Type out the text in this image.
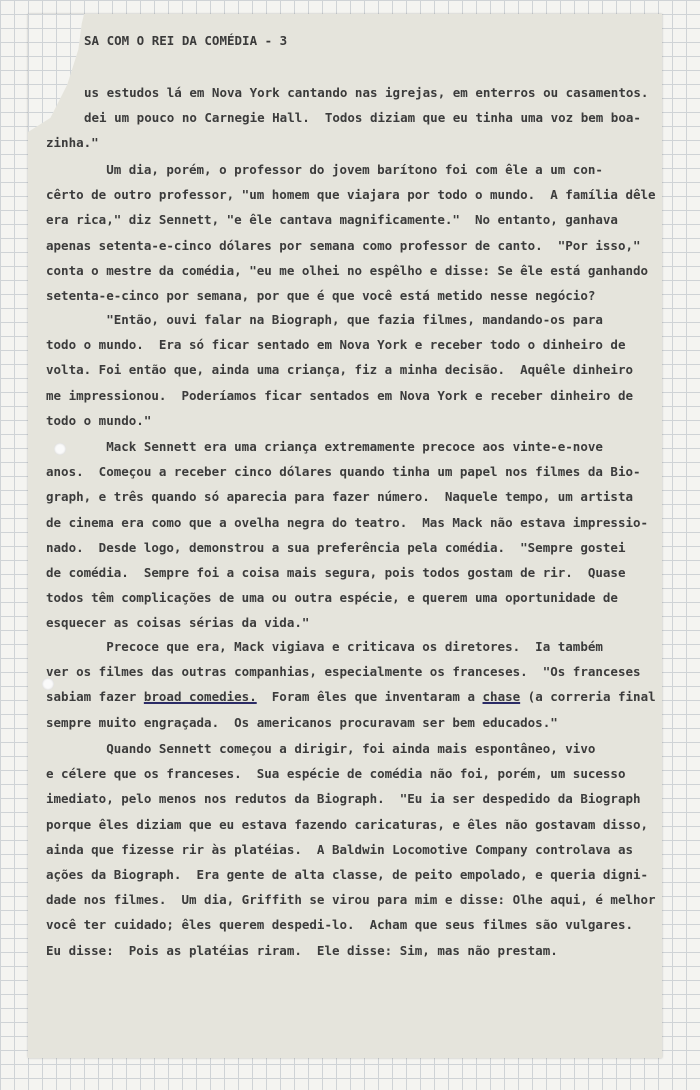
SA COM O REI DA COMÉDIA - 3
us estudos lá em Nova York cantando nas igrejas, em enterros ou casamentos.
dei um pouco no Carnegie Hall.  Todos diziam que eu tinha uma voz bem boa-
zinha."
Um dia, porém, o professor do jovem barítono foi com êle a um con-
cêrto de outro professor, "um homem que viajara por todo o mundo.  A família dêle
era rica," diz Sennett, "e êle cantava magnificamente."  No entanto, ganhava
apenas setenta-e-cinco dólares por semana como professor de canto.  "Por isso,"
conta o mestre da comédia, "eu me olhei no espêlho e disse: Se êle está ganhando
setenta-e-cinco por semana, por que é que você está metido nesse negócio?
"Então, ouvi falar na Biograph, que fazia filmes, mandando-os para
todo o mundo.  Era só ficar sentado em Nova York e receber todo o dinheiro de
volta. Foi então que, ainda uma criança, fiz a minha decisão.  Aquêle dinheiro
me impressionou.  Poderíamos ficar sentados em Nova York e receber dinheiro de
todo o mundo."
Mack Sennett era uma criança extremamente precoce aos vinte-e-nove
anos.  Começou a receber cinco dólares quando tinha um papel nos filmes da Bio-
graph, e três quando só aparecia para fazer número.  Naquele tempo, um artista
de cinema era como que a ovelha negra do teatro.  Mas Mack não estava impressio-
nado.  Desde logo, demonstrou a sua preferência pela comédia.  "Sempre gostei
de comédia.  Sempre foi a coisa mais segura, pois todos gostam de rir.  Quase
todos têm complicações de uma ou outra espécie, e querem uma oportunidade de
esquecer as coisas sérias da vida."
Precoce que era, Mack vigiava e criticava os diretores.  Ia também
ver os filmes das outras companhias, especialmente os franceses.  "Os franceses
sabiam fazer broad comedies.  Foram êles que inventaram a chase (a correria final
sempre muito engraçada.  Os americanos procuravam ser bem educados."
Quando Sennett começou a dirigir, foi ainda mais espontâneo, vivo
e célere que os franceses.  Sua espécie de comédia não foi, porém, um sucesso
imediato, pelo menos nos redutos da Biograph.  "Eu ia ser despedido da Biograph
porque êles diziam que eu estava fazendo caricaturas, e êles não gostavam disso,
ainda que fizesse rir às platéias.  A Baldwin Locomotive Company controlava as
ações da Biograph.  Era gente de alta classe, de peito empolado, e queria digni-
dade nos filmes.  Um dia, Griffith se virou para mim e disse: Olhe aqui, é melhor
você ter cuidado; êles querem despedi-lo.  Acham que seus filmes são vulgares.
Eu disse:  Pois as platéias riram.  Ele disse: Sim, mas não prestam.
